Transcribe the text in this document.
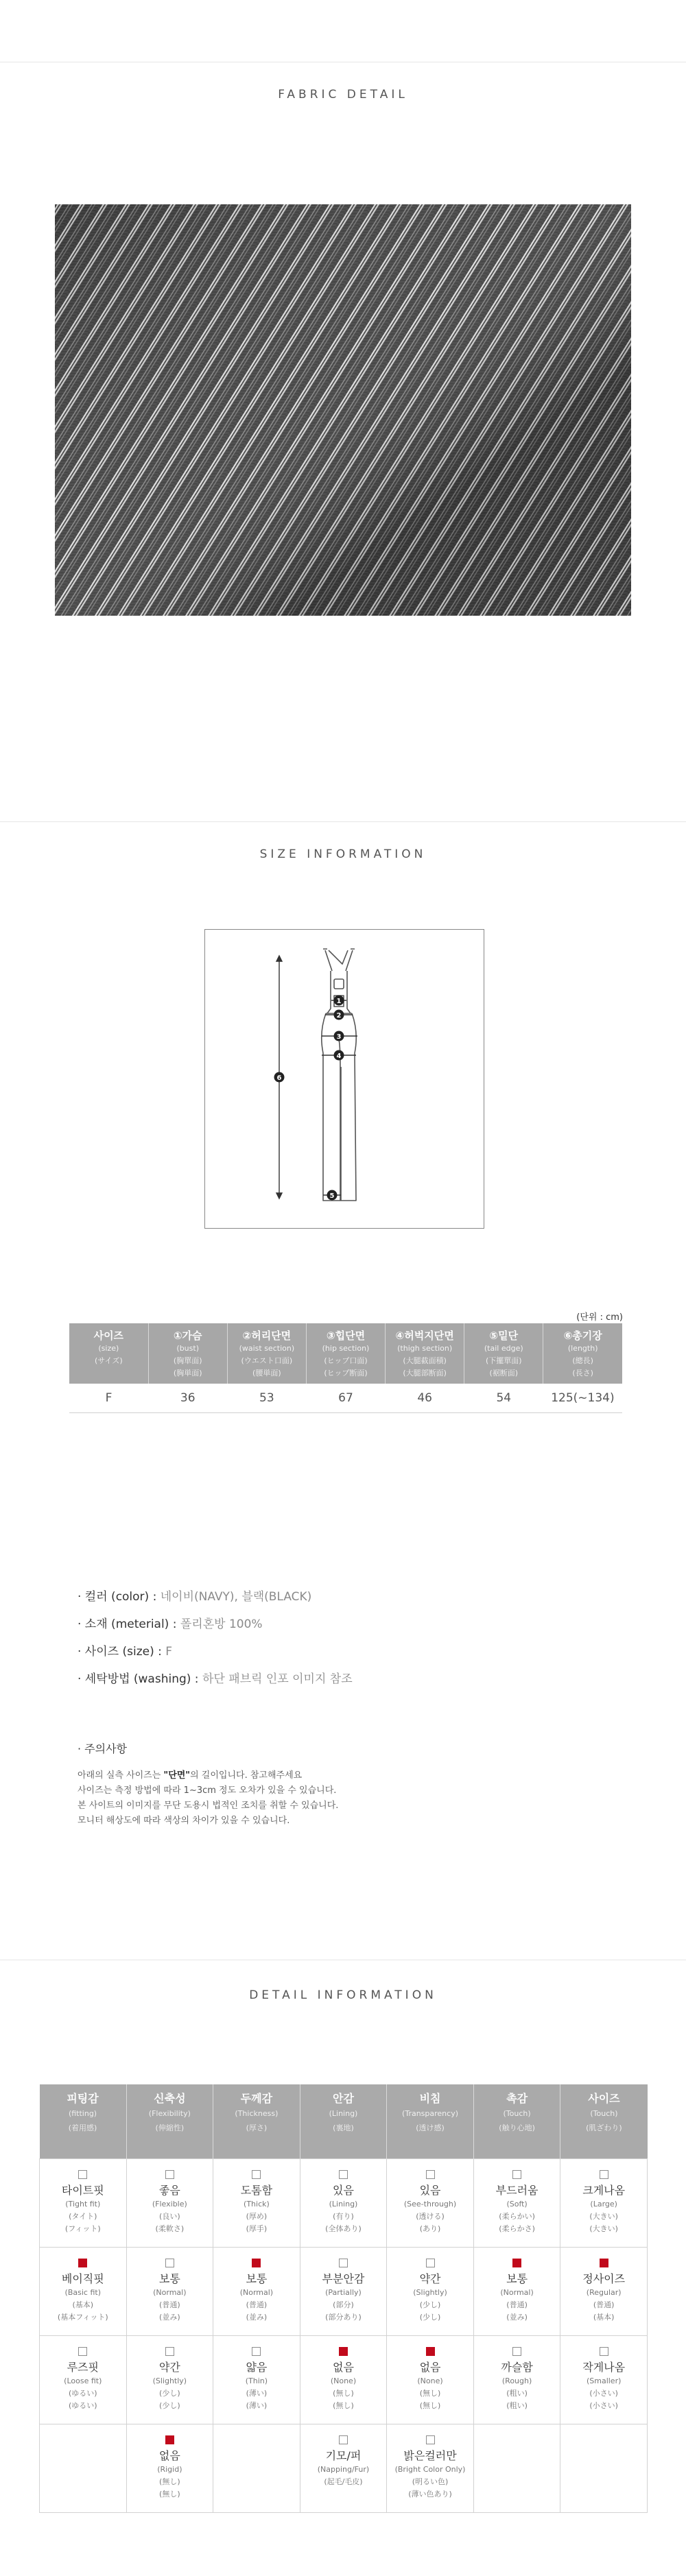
FABRIC DETAIL
SIZE INFORMATION
1
2
3
4
5
6
(단위 : cm)
사이즈
(size)
(サイズ)	①가슴
(bust)
(胸單面)
(胸単面)	②허리단면
(waist section)
(ウエスト口面)
(腰単面)	③힙단면
(hip section)
(ヒップ口面)
(ヒップ断面)	④허벅지단면
(thigh section)
(大腿截面積)
(大腿部断面)	⑤밑단
(tail edge)
(下擺單面)
(裾断面)	⑥총기장
(length)
(總長)
(長さ)

F	36	53	67	46	54	125(~134)
· 컬러 (color) : 네이비(NAVY), 블랙(BLACK)
· 소재 (meterial) : 폴리혼방 100%
· 사이즈 (size) : F
· 세탁방법 (washing) : 하단 패브릭 인포 이미지 참조
· 주의사항
아래의 실측 사이즈는 "단면"의 길이입니다. 참고해주세요
사이즈는 측정 방법에 따라 1~3cm 정도 오차가 있을 수 있습니다.
본 사이트의 이미지를 무단 도용시 법적인 조치를 취할 수 있습니다.
모니터 해상도에 따라 색상의 차이가 있을 수 있습니다.
DETAIL INFORMATION
피팅감
(fitting)
(着用感)	신축성
(Flexibility)
(伸縮性)	두께감
(Thickness)
(厚さ)	안감
(Lining)
(裏地)	비침
(Transparency)
(透け感)	촉감
(Touch)
(触り心地)	사이즈
(Touch)
(肌ざわり)

타이트핏
(Tight fit)
(タイト)
(フィット)	좋음
(Flexible)
(良い)
(柔軟さ)	도톰함
(Thick)
(厚め)
(厚手)	있음
(Lining)
(有り)
(全体あり)	있음
(See-through)
(透ける)
(あり)	부드러움
(Soft)
(柔らかい)
(柔らかさ)	크게나옴
(Large)
(大きい)
(大きい)

베이직핏
(Basic fit)
(基本)
(基本フィット)	보통
(Normal)
(普通)
(並み)	보통
(Normal)
(普通)
(並み)	부분안감
(Partially)
(部分)
(部分あり)	약간
(Slightly)
(少し)
(少し)	보통
(Normal)
(普通)
(並み)	정사이즈
(Regular)
(普通)
(基本)

루즈핏
(Loose fit)
(ゆるい)
(ゆるい)	약간
(Slightly)
(少し)
(少し)	얇음
(Thin)
(薄い)
(薄い)	없음
(None)
(無し)
(無し)	없음
(None)
(無し)
(無し)	까슬함
(Rough)
(粗い)
(粗い)	작게나옴
(Smaller)
(小さい)
(小さい)

	없음
(Rigid)
(無し)
(無し)		기모/퍼
(Napping/Fur)
(起毛/毛皮)	밝은컬러만
(Bright Color Only)
(明るい色)
(薄い色あり)		
